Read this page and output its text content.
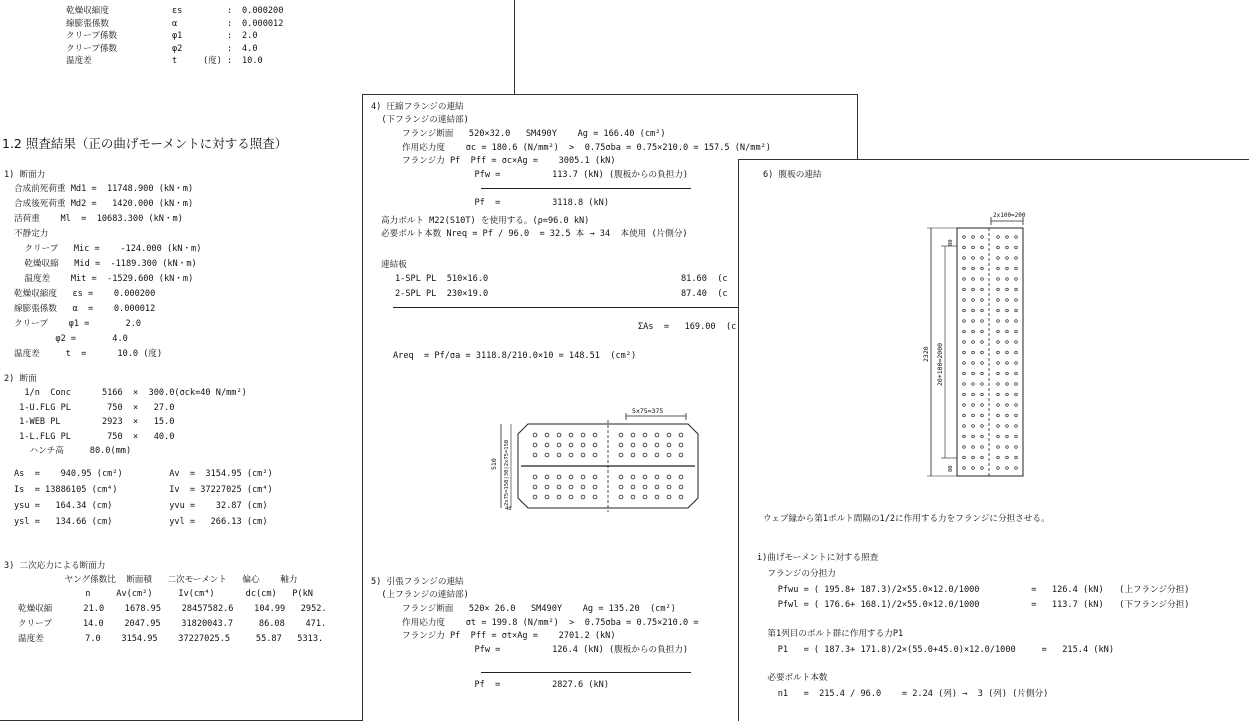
1.2 照査結果（正の曲げモーメントに対する照査）
1) 断面力
2) 断面
3) 二次応力による断面力
ヤング係数比  断面積   二次モーメント   偏心    軸力
n     Av(cm²)     Iv(cm⁴)      dc(cm)   P(kN
乾燥収縮度	εs	: 0.000200
線膨張係数	α	: 0.000012
クリープ係数	φ1	: 2.0
クリープ係数	φ2	: 4.0
温度差	t	(度) : 10.0
合成前死荷重 Md1 =  11748.900 (kN・m)
合成後死荷重 Md2 =   1420.000 (kN・m)
活荷重    Ml  =  10683.300 (kN・m)
不静定力
クリープ   Mic =    -124.000 (kN・m)
乾燥収縮   Mid =  -1189.300 (kN・m)
温度差    Mit =  -1529.600 (kN・m)
乾燥収縮度   εs =    0.000200
線膨張係数   α  =    0.000012
クリープ    φ1 =       2.0
φ2 =       4.0
温度差     t  =      10.0 (度)
1/n  Conc      5166  ×  300.0(σck=40 N/mm²)
1-U.FLG PL       750  ×   27.0
1-WEB PL        2923  ×   15.0
1-L.FLG PL       750  ×   40.0
ハンチ高     80.0(mm)
As  =    940.95 (cm²)         Av  =  3154.95 (cm²)
Is  = 13886105 (cm⁴)          Iv  = 37227025 (cm⁴)
ysu =   164.34 (cm)           yvu =    32.87 (cm)
ysl =   134.66 (cm)           yvl =   266.13 (cm)
乾燥収縮      21.0    1678.95    28457582.6    104.99   2952.
クリープ      14.0    2047.95    31820043.7     86.08    471.
温度差        7.0    3154.95    37227025.5     55.87   5313.
4) 圧縮フランジの連結
(下フランジの連結部)
Pf  =          3118.8 (kN)
連結板
ΣAs  =   169.00  (c
Areq  = Pf/σa = 3118.8/210.0×10 = 148.51  (cm²)
5x75=375
510 2x75=150|30|2x75=150
40
5) 引張フランジの連結
(上フランジの連結部)
Pf  =          2827.6 (kN)
フランジ断面   520×32.0   SM490Y    Ag = 166.40 (cm²)
作用応力度    σc = 180.6 (N/mm²)  >  0.75σba = 0.75×210.0 = 157.5 (N/mm²)
フランジ力 Pf  Pff = σc×Ag =    3005.1 (kN)
Pfw =          113.7 (kN) (腹板からの負担力)
高力ボルト M22(S10T) を使用する。(ρ=96.0 kN)
必要ボルト本数 Nreq = Pf / 96.0  = 32.5 本 → 34  本使用 (片側分)
1-SPL PL  510×16.0	81.60  (c
2-SPL PL  230×19.0	87.40  (c
フランジ断面   520× 26.0   SM490Y    Ag = 135.20  (cm²)
作用応力度    σt = 199.8 (N/mm²)  >  0.75σba = 0.75×210.0 =
フランジ力 Pf  Pff = σt×Ag =    2701.2 (kN)
Pfw =          126.4 (kN) (腹板からの負担力)
6) 腹板の連結
2x100=200
2320 20+100=2000
80
80
ウェブ縁から第1ボルト間隔の1/2に作用する力をフランジに分担させる。
i)曲げモーメントに対する照査
フランジの分担力
Pfwu = ( 195.8+ 187.3)/2×55.0×12.0/1000          =   126.4 (kN)   (上フランジ分担)
Pfwl = ( 176.6+ 168.1)/2×55.0×12.0/1000          =   113.7 (kN)   (下フランジ分担)
第1列目のボルト群に作用する力P1
P1   = ( 187.3+ 171.8)/2×(55.0+45.0)×12.0/1000     =   215.4 (kN)
必要ボルト本数
n1   =  215.4 / 96.0    = 2.24 (列) →  3 (列) (片側分)
